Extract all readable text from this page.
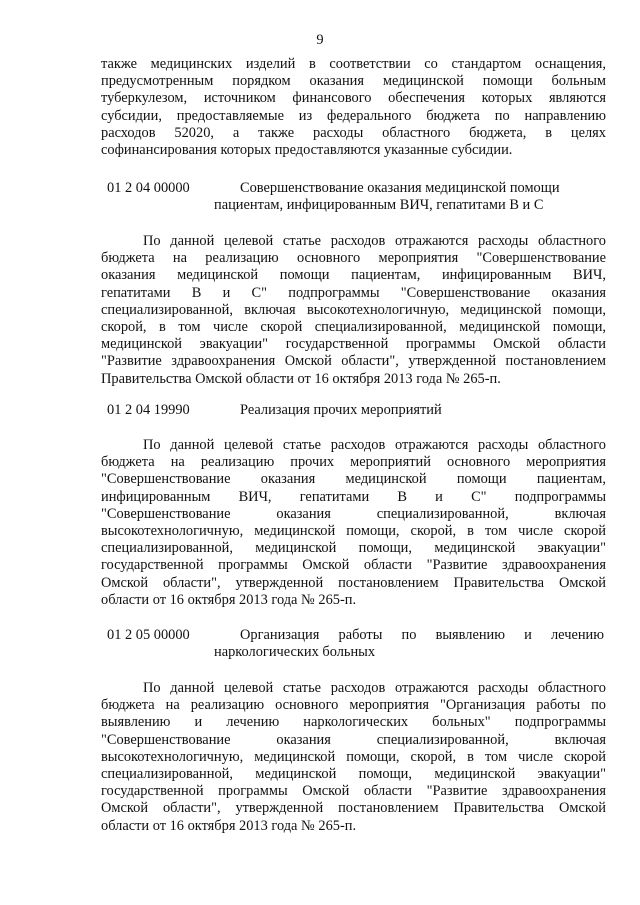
9
также медицинских изделий в соответствии со стандартом оснащения,
предусмотренным порядком оказания медицинской помощи больным
туберкулезом, источником финансового обеспечения которых являются
субсидии, предоставляемые из федерального бюджета по направлению
расходов 52020, а также расходы областного бюджета, в целях
софинансирования которых предоставляются указанные субсидии.
01 2 04 00000	Совершенствование оказания медицинской помощи
пациентам, инфицированным ВИЧ, гепатитами B и C
По данной целевой статье расходов отражаются расходы областного
бюджета на реализацию основного мероприятия "Совершенствование
оказания медицинской помощи пациентам, инфицированным ВИЧ,
гепатитами B и C" подпрограммы "Совершенствование оказания
специализированной, включая высокотехнологичную, медицинской помощи,
скорой, в том числе скорой специализированной, медицинской помощи,
медицинской эвакуации" государственной программы Омской области
"Развитие здравоохранения Омской области", утвержденной постановлением
Правительства Омской области от 16 октября 2013 года № 265-п.
01 2 04 19990	Реализация прочих мероприятий
По данной целевой статье расходов отражаются расходы областного
бюджета на реализацию прочих мероприятий основного мероприятия
"Совершенствование оказания медицинской помощи пациентам,
инфицированным ВИЧ, гепатитами B и C" подпрограммы
"Совершенствование оказания специализированной, включая
высокотехнологичную, медицинской помощи, скорой, в том числе скорой
специализированной, медицинской помощи, медицинской эвакуации"
государственной программы Омской области "Развитие здравоохранения
Омской области", утвержденной постановлением Правительства Омской
области от 16 октября 2013 года № 265-п.
01 2 05 00000	Организация работы по выявлению и лечению
наркологических больных
По данной целевой статье расходов отражаются расходы областного
бюджета на реализацию основного мероприятия "Организация работы по
выявлению и лечению наркологических больных" подпрограммы
"Совершенствование оказания специализированной, включая
высокотехнологичную, медицинской помощи, скорой, в том числе скорой
специализированной, медицинской помощи, медицинской эвакуации"
государственной программы Омской области "Развитие здравоохранения
Омской области", утвержденной постановлением Правительства Омской
области от 16 октября 2013 года № 265-п.
